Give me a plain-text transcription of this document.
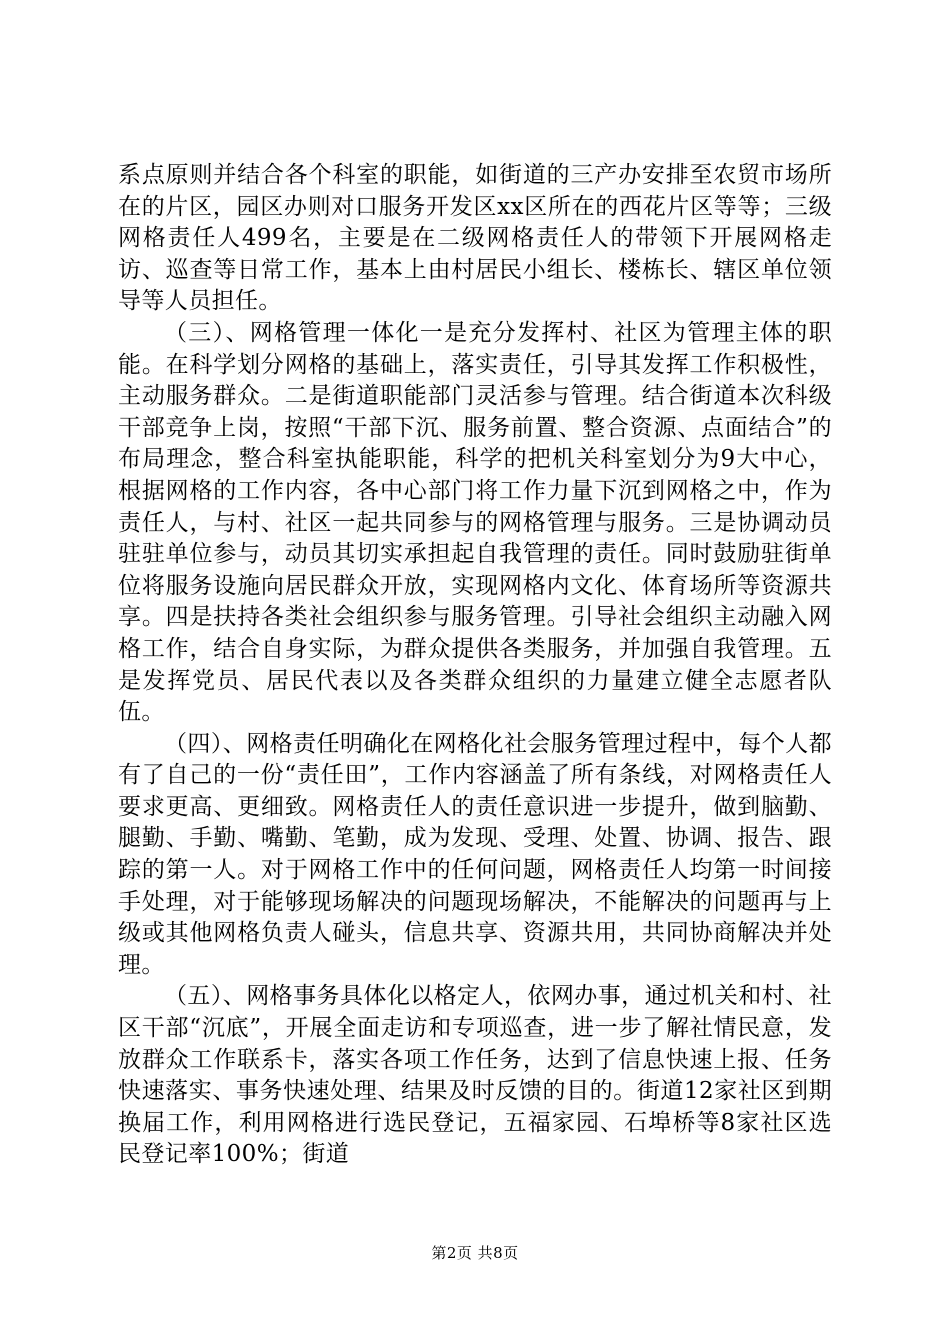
系点原则并结合各个科室的职能，如街道的三产办安排至农贸市场所在的片区，园区办则对口服务开发区xx区所在的西花片区等等；三级网格责任人499名，主要是在二级网格责任人的带领下开展网格走访、巡查等日常工作，基本上由村居民小组长、楼栋长、辖区单位领导等人员担任。

（三）、网格管理一体化一是充分发挥村、社区为管理主体的职能。在科学划分网格的基础上，落实责任，引导其发挥工作积极性，主动服务群众。二是街道职能部门灵活参与管理。结合街道本次科级干部竞争上岗，按照“干部下沉、服务前置、整合资源、点面结合”的布局理念，整合科室执能职能，科学的把机关科室划分为9大中心，根据网格的工作内容，各中心部门将工作力量下沉到网格之中，作为责任人，与村、社区一起共同参与的网格管理与服务。三是协调动员驻驻单位参与，动员其切实承担起自我管理的责任。同时鼓励驻街单位将服务设施向居民群众开放，实现网格内文化、体育场所等资源共享。四是扶持各类社会组织参与服务管理。引导社会组织主动融入网格工作，结合自身实际，为群众提供各类服务，并加强自我管理。五是发挥党员、居民代表以及各类群众组织的力量建立健全志愿者队伍。

（四）、网格责任明确化在网格化社会服务管理过程中，每个人都有了自己的一份“责任田”，工作内容涵盖了所有条线，对网格责任人要求更高、更细致。网格责任人的责任意识进一步提升，做到脑勤、腿勤、手勤、嘴勤、笔勤，成为发现、受理、处置、协调、报告、跟踪的第一人。对于网格工作中的任何问题，网格责任人均第一时间接手处理，对于能够现场解决的问题现场解决，不能解决的问题再与上级或其他网格负责人碰头，信息共享、资源共用，共同协商解决并处理。

（五）、网格事务具体化以格定人，依网办事，通过机关和村、社区干部“沉底”，开展全面走访和专项巡查，进一步了解社情民意，发放群众工作联系卡，落实各项工作任务，达到了信息快速上报、任务快速落实、事务快速处理、结果及时反馈的目的。街道12家社区到期换届工作，利用网格进行选民登记，五福家园、石埠桥等8家社区选民登记率100%；街道

第2页 共8页
